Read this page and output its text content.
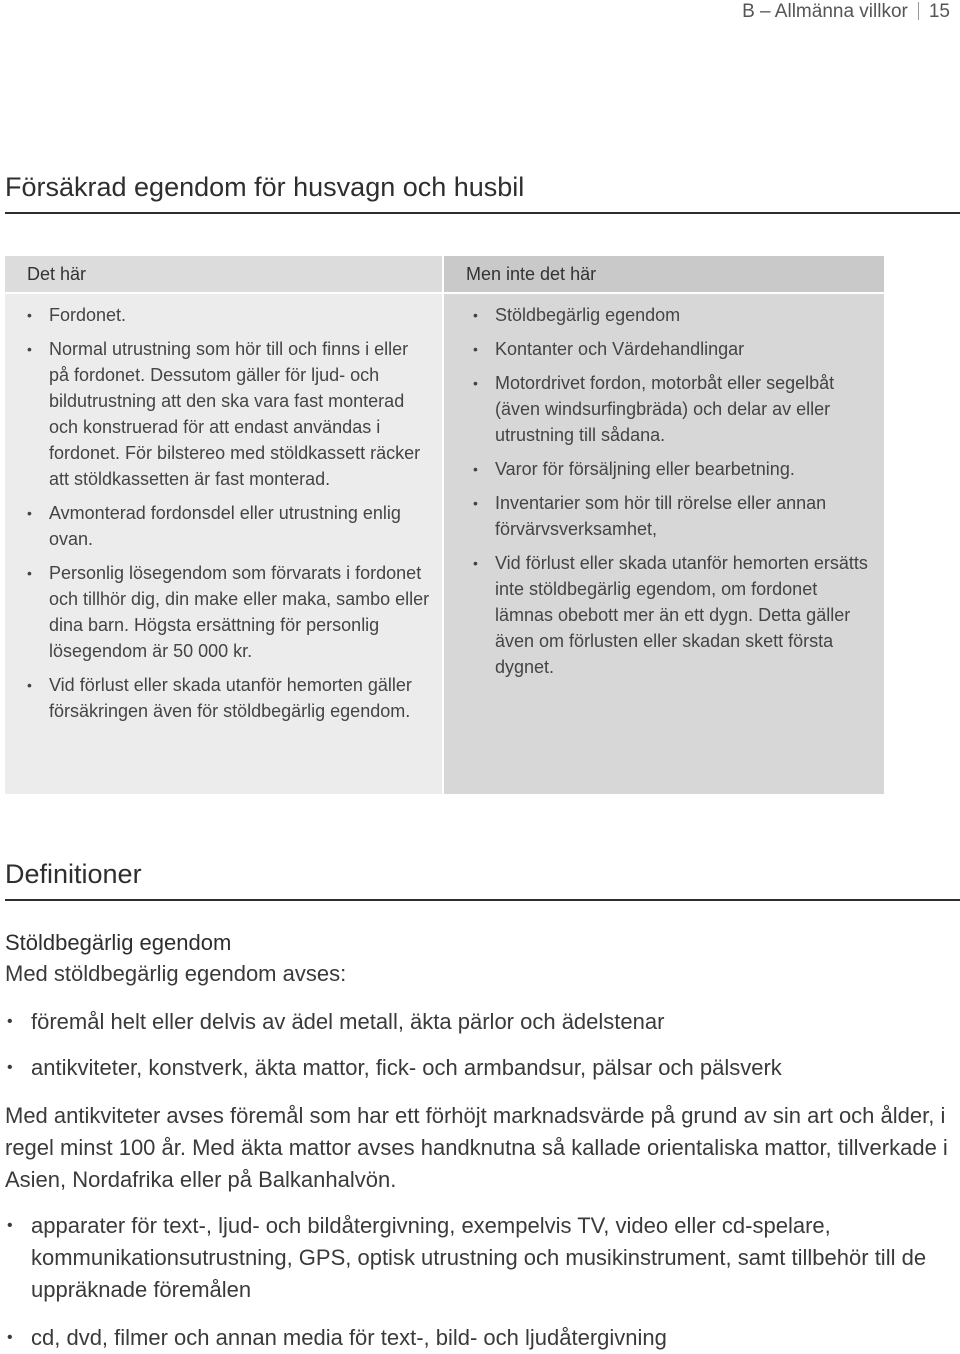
B – Allmänna villkor 15
Försäkrad egendom för husvagn och husbil
Det här
• Fordonet.
• Normal utrustning som hör till och finns i eller på fordonet. Dessutom gäller för ljud- och bildutrustning att den ska vara fast monterad och konstruerad för att endast användas i fordonet. För bilstereo med stöldkassett räcker att stöldkassetten är fast monterad.
• Avmonterad fordonsdel eller utrustning enlig ovan.
• Personlig lösegendom som förvarats i fordonet och tillhör dig, din make eller maka, sambo eller dina barn. Högsta ersättning för personlig lösegendom är 50 000 kr.
• Vid förlust eller skada utanför hemorten gäller försäkringen även för stöldbegärlig egendom.
Men inte det här
• Stöldbegärlig egendom
• Kontanter och Värdehandlingar
• Motordrivet fordon, motorbåt eller segelbåt (även windsurfingbräda) och delar av eller utrustning till sådana.
• Varor för försäljning eller bearbetning.
• Inventarier som hör till rörelse eller annan förvärvsverksamhet,
• Vid förlust eller skada utanför hemorten ersätts inte stöldbegärlig egendom, om fordonet lämnas obebott mer än ett dygn. Detta gäller även om förlusten eller skadan skett första dygnet.
Definitioner
Stöldbegärlig egendom
Med stöldbegärlig egendom avses:
• föremål helt eller delvis av ädel metall, äkta pärlor och ädelstenar
• antikviteter, konstverk, äkta mattor, fick- och armbandsur, pälsar och pälsverk
Med antikviteter avses föremål som har ett förhöjt marknadsvärde på grund av sin art och ålder, i regel minst 100 år. Med äkta mattor avses handknutna så kallade orientaliska mattor, tillverkade i Asien, Nordafrika eller på Balkanhalvön.
• apparater för text-, ljud- och bildåtergivning, exempelvis TV, video eller cd-spelare, kommunikationsutrustning, GPS, optisk utrustning och musikinstrument, samt tillbehör till de uppräknade föremålen
• cd, dvd, filmer och annan media för text-, bild- och ljudåtergivning
